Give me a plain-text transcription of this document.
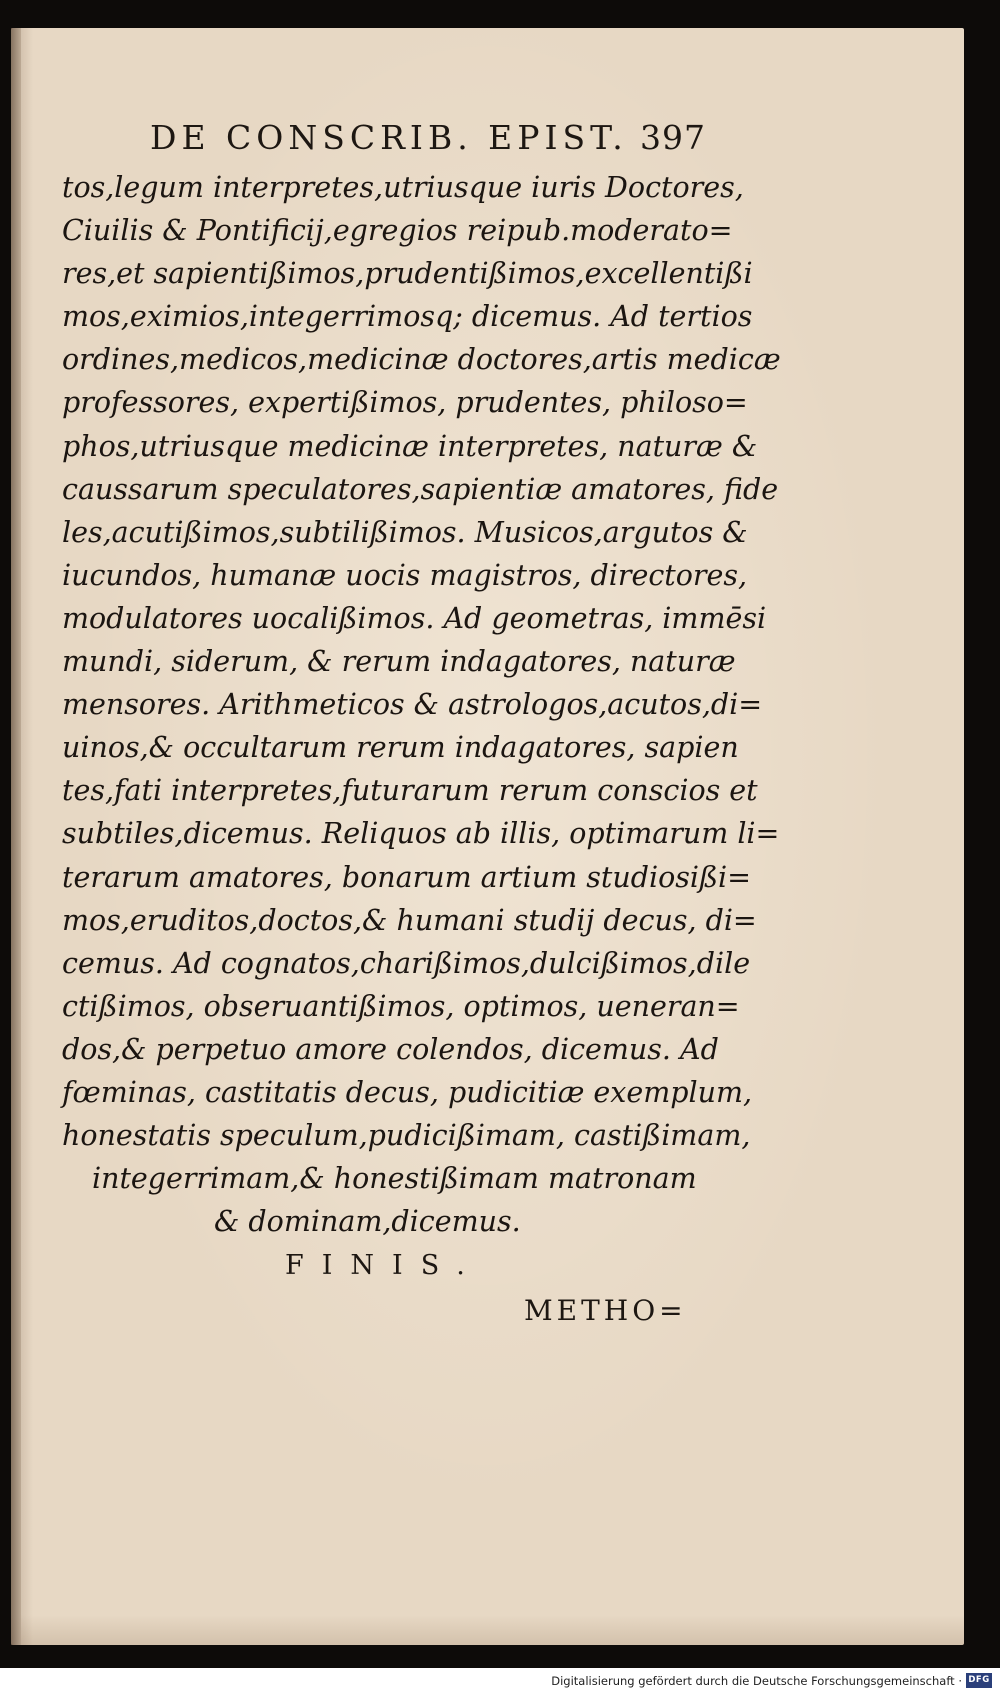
DE CONSCRIB. EPIST. 397
tos,legum interpretes,utriusque iuris Doctores,
Ciuilis & Pontificij,egregios reipub.moderato=
res,et sapientißimos,prudentißimos,excellentißi
mos,eximios,integerrimosq; dicemus. Ad tertios
ordines,medicos,medicinæ doctores,artis medicæ
professores, expertißimos, prudentes, philoso=
phos,utriusque medicinæ interpretes, naturæ &
caussarum speculatores,sapientiæ amatores, fide
les,acutißimos,subtilißimos. Musicos,argutos &
iucundos, humanæ uocis magistros, directores,
modulatores uocalißimos. Ad geometras, immēsi
mundi, siderum, & rerum indagatores, naturæ
mensores. Arithmeticos & astrologos,acutos,di=
uinos,& occultarum rerum indagatores, sapien
tes,fati interpretes,futurarum rerum conscios et
subtiles,dicemus. Reliquos ab illis, optimarum li=
terarum amatores, bonarum artium studiosißi=
mos,eruditos,doctos,& humani studij decus, di=
cemus. Ad cognatos,charißimos,dulcißimos,dile
ctißimos, obseruantißimos, optimos, ueneran=
dos,& perpetuo amore colendos, dicemus. Ad
fœminas, castitatis decus, pudicitiæ exemplum,
honestatis speculum,pudicißimam, castißimam,
integerrimam,& honestißimam matronam
& dominam,dicemus.
FINIS.
METHO=
Digitalisierung gefördert durch die Deutsche Forschungsgemeinschaft · DFG
